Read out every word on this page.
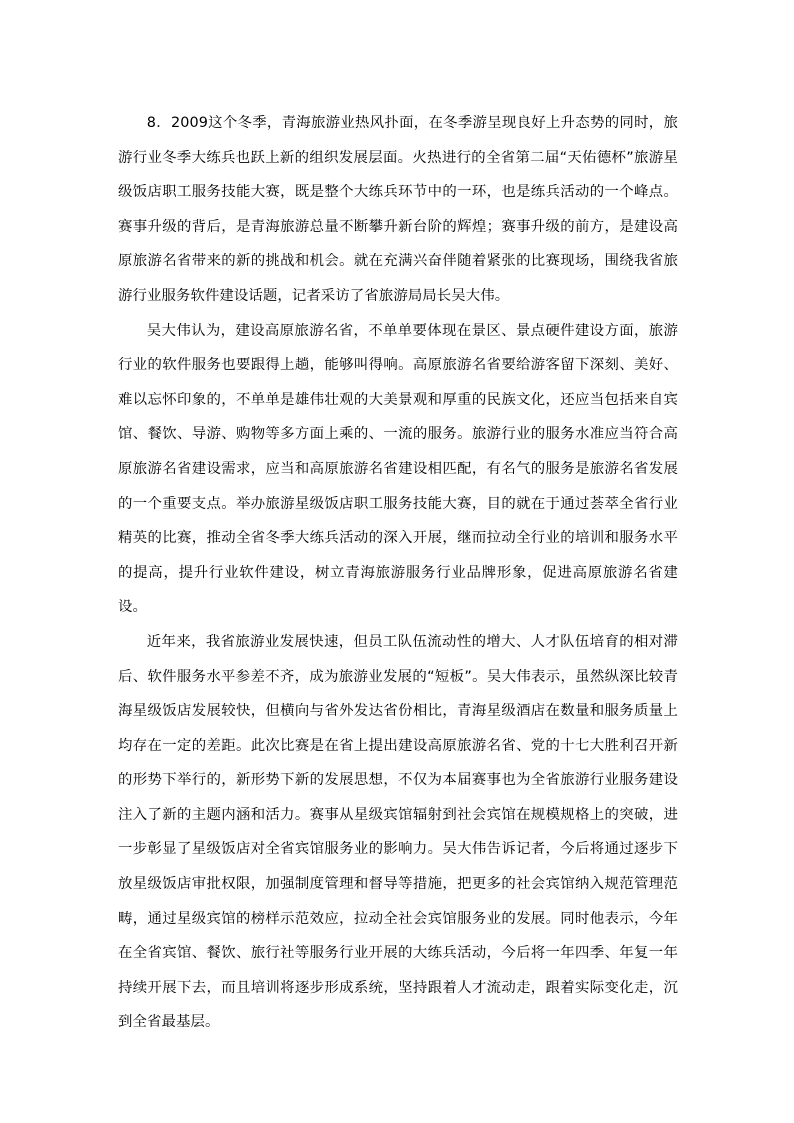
8．2009这个冬季，青海旅游业热风扑面，在冬季游呈现良好上升态势的同时，旅游行业冬季大练兵也跃上新的组织发展层面。火热进行的全省第二届“天佑德杯”旅游星级饭店职工服务技能大赛，既是整个大练兵环节中的一环，也是练兵活动的一个峰点。赛事升级的背后，是青海旅游总量不断攀升新台阶的辉煌；赛事升级的前方，是建设高原旅游名省带来的新的挑战和机会。就在充满兴奋伴随着紧张的比赛现场，围绕我省旅游行业服务软件建设话题，记者采访了省旅游局局长吴大伟。

吴大伟认为，建设高原旅游名省，不单单要体现在景区、景点硬件建设方面，旅游行业的软件服务也要跟得上趟，能够叫得响。高原旅游名省要给游客留下深刻、美好、难以忘怀印象的，不单单是雄伟壮观的大美景观和厚重的民族文化，还应当包括来自宾馆、餐饮、导游、购物等多方面上乘的、一流的服务。旅游行业的服务水准应当符合高原旅游名省建设需求，应当和高原旅游名省建设相匹配，有名气的服务是旅游名省发展的一个重要支点。举办旅游星级饭店职工服务技能大赛，目的就在于通过荟萃全省行业精英的比赛，推动全省冬季大练兵活动的深入开展，继而拉动全行业的培训和服务水平的提高，提升行业软件建设，树立青海旅游服务行业品牌形象，促进高原旅游名省建设。

近年来，我省旅游业发展快速，但员工队伍流动性的增大、人才队伍培育的相对滞后、软件服务水平参差不齐，成为旅游业发展的“短板”。吴大伟表示，虽然纵深比较青海星级饭店发展较快，但横向与省外发达省份相比，青海星级酒店在数量和服务质量上均存在一定的差距。此次比赛是在省上提出建设高原旅游名省、党的十七大胜利召开新的形势下举行的，新形势下新的发展思想，不仅为本届赛事也为全省旅游行业服务建设注入了新的主题内涵和活力。赛事从星级宾馆辐射到社会宾馆在规模规格上的突破，进一步彰显了星级饭店对全省宾馆服务业的影响力。吴大伟告诉记者，今后将通过逐步下放星级饭店审批权限，加强制度管理和督导等措施，把更多的社会宾馆纳入规范管理范畴，通过星级宾馆的榜样示范效应，拉动全社会宾馆服务业的发展。同时他表示，今年在全省宾馆、餐饮、旅行社等服务行业开展的大练兵活动，今后将一年四季、年复一年持续开展下去，而且培训将逐步形成系统，坚持跟着人才流动走，跟着实际变化走，沉到全省最基层。
